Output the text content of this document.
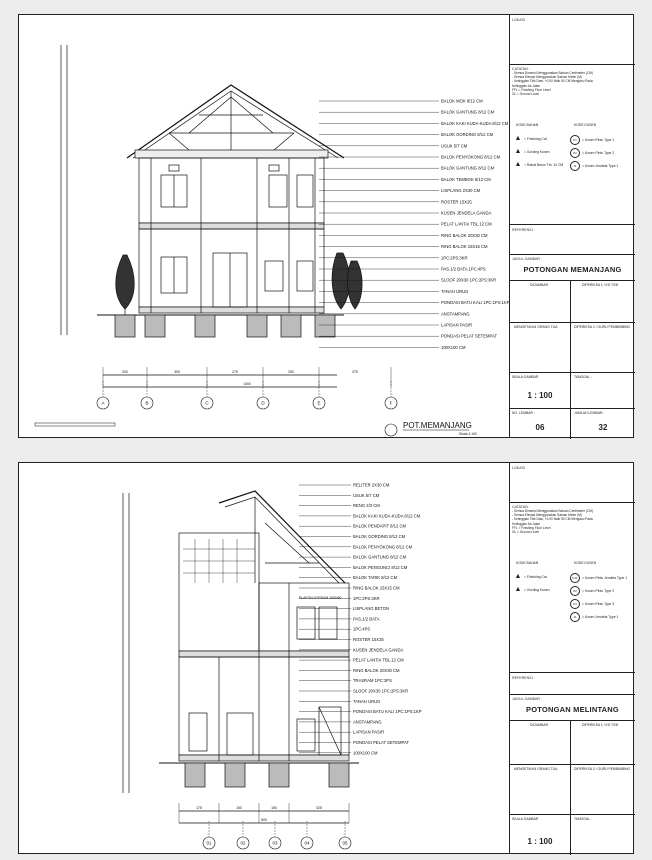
A	B	C	D	E	F
200	300	275	250	375
1400
BALOK MOK 8/12 CM
BALOK GANTUNG 8/12 CM
BALOK KAKI KUDA-KUDA 8/12 CM
BALOK GORDING 8/12 CM
USUK 5/7 CM
BALOK PENYOKONG 8/12 CM
BALOK GANTUNG 8/12 CM
BALOK TEMBOK 8/12 CM
LISPLANG 2X30 CM
ROSTER 15X25
KUSEN JENDELA GANDA
PELAT LANTAI TBL.12 CM
RING BALOK 20X30 CM
RING BALOK 15X15 CM
1PC:2PS:3KR
PAS.1/2 BATA 1PC:4PS
SLOOF 20X30 1PC:2PS:3KR
TANAH URUG
PONDASI BATU KALI 1PC:1PS:1KP
ANSTAMPANG
LAPISAN PASIR
PONDASI PELAT SETEMPAT
100X100 CM
POT.MEMANJANG
Skala 1:100
LOKASI
CATATAN :
- Semua Dimensi Menggunakan Satuan Centimeter (CM)
- Semua Elevasi Menggunakan Satuan Meter (M)
- Ketinggian Tiitk Dasr, +0.00 Naik 50 CM Mengacu Pada
Ketinggian As Jalan
FFL = Finishing Floor Level
GL = Ground Level
KODE BAHAN	KODE KUSEN
▲ = Finishing Cat
▲ = Gording Kusen
▲ = Rabat Beton Tbl. 10 CM
P1 = Kusen Pintu Type 1
P2 = Kusen Pintu Type 2
J1 = Kusen Jendela Type 1
REFERENSI :
JUDUL GAMBAR
POTONGAN MEMANJANG
DIGAMBAR	DIPERIKSA 1 / KS TGB
MENGETAHUI ORANG TUA	DIPERIKSA 2 / GURU PEMBIMBING
SKALA GAMBAR	TANGGAL :
1 : 100
NO. LEMBAR :	JUMLAH LEMBAR :
06	32
PLAFON GYPSUM 1000/60
01	02	03	04	05
175	150	150	325
800
RELITER 2X30 CM
USUK 5/7 CM
RENG 2/3 CM
BALOK KAKI KUDA-KUDA 8/12 CM
BALOK PENDAPIT 8/12 CM
BALOK GORDING 8/12 CM
BALOK PENYOKONG 8/12 CM
BALOK GANTUNG 8/12 CM
BALOK PENGUNCI 8/12 CM
BALOK TARIK 8/12 CM
RING BALOK 15X15 CM
1PC:2PS:3KR
LISPLANG BETON
PAS.1/2 BATA
1PC:4PS
ROSTER 15X25
KUSEN JENDELA GANDA
PELAT LANTAI TBL.12 CM
RING BALOK 20X30 CM
TRASRAM 1PC:3PS
SLOOF 20X30 1PC:2PS:3KR
TANAH URUG
PONDASI BATU KALI 1PC:1PS:1KP
ANSTAMPANG
LAPISAN PASIR
PONDASI PELAT SETEMPAT
100X100 CM
LOKASI
CATATAN :
- Semua Dimensi Menggunakan Satuan Centimeter (CM)
- Semua Elevasi Menggunakan Satuan Meter (M)
- Ketinggian Tiitk Dasr, +0.00 Naik 50 CM Mengacu Pada
Ketinggian As Jalan
FFL = Finishing Floor Level
GL = Ground Level
KODE BAHAN	KODE KUSEN
▲ = Finishing Cat
▲ = Gording Kusen
PJ1 = Kusen Pintu Jendela Type 1
P2 = Kusen Pintu Type 2
P3 = Kusen Pintu Type 3
J1 = Kusen Jendela Type 1
REFERENSI :
JUDUL GAMBAR
POTONGAN MELINTANG
DIGAMBAR	DIPERIKSA 1 / KS TGB
MENGETAHUI ORANG TUA	DIPERIKSA 2 / GURU PEMBIMBING
SKALA GAMBAR	TANGGAL :
1 : 100
